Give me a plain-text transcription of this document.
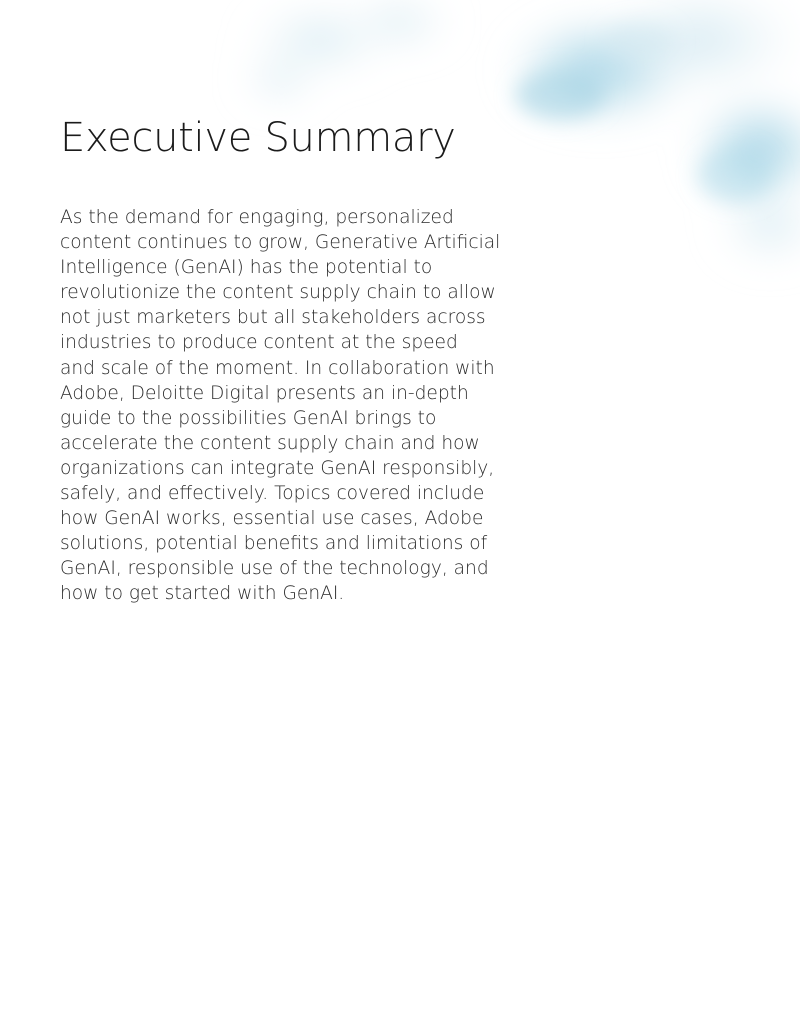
Executive Summary
As the demand for engaging, personalized
content continues to grow, Generative Artificial
Intelligence (GenAI) has the potential to
revolutionize the content supply chain to allow
not just marketers but all stakeholders across
industries to produce content at the speed
and scale of the moment. In collaboration with
Adobe, Deloitte Digital presents an in-depth
guide to the possibilities GenAI brings to
accelerate the content supply chain and how
organizations can integrate GenAI responsibly,
safely, and effectively. Topics covered include
how GenAI works, essential use cases, Adobe
solutions, potential benefits and limitations of
GenAI, responsible use of the technology, and
how to get started with GenAI.
